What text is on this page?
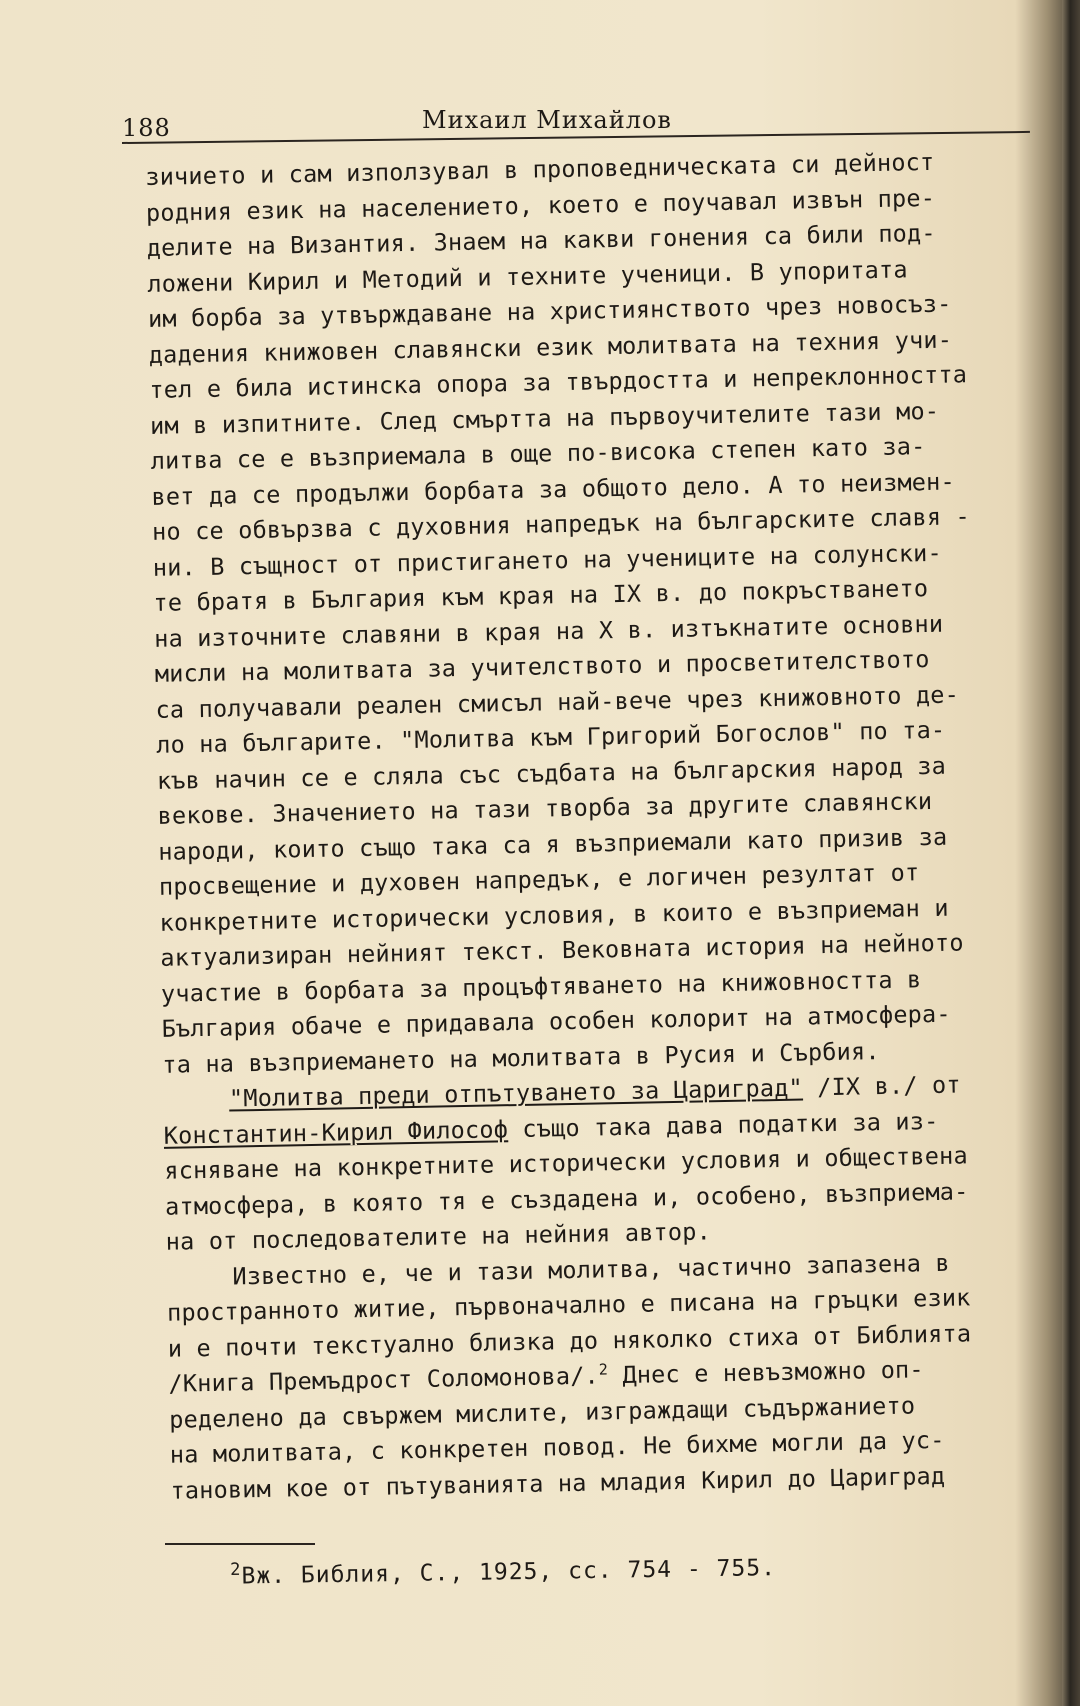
188	Михаил Михайлов
зичието и сам използувал в проповедническата си дейност
родния език на населението, което е поучавал извън пре-
делите на Византия. Знаем на какви гонения са били под-
ложени Кирил и Методий и техните ученици. В упоритата
им борба за утвърждаване на християнството чрез новосъз-
дадения книжовен славянски език молитвата на техния учи-
тел е била истинска опора за твърдостта и непреклонността
им в изпитните. След смъртта на първоучителите тази мо-
литва се е възприемала в още по-висока степен като за-
вет да се продължи борбата за общото дело. А то неизмен-
но се обвързва с духовния напредък на българските славя -
ни. В същност от пристигането на учениците на солунски-
те братя в България към края на IX в. до покръстването
на източните славяни в края на X в. изтъкнатите основни
мисли на молитвата за учителството и просветителството
са получавали реален смисъл най-вече чрез книжовното де-
ло на българите. "Молитва към Григорий Богослов" по та-
къв начин се е сляла със съдбата на българския народ за
векове. Значението на тази творба за другите славянски
народи, които също така са я възприемали като призив за
просвещение и духовен напредък, е логичен резултат от
конкретните исторически условия, в които е възприеман и
актуализиран нейният текст. Вековната история на нейното
участие в борбата за процъфтяването на книжовността в
България обаче е придавала особен колорит на атмосфера-
та на възприемането на молитвата в Русия и Сърбия.
"Молитва преди отпътуването за Цариград" /IX в./ от
Константин-Кирил Философ също така дава податки за из-
ясняване на конкретните исторически условия и обществена
атмосфера, в която тя е създадена и, особено, възприема-
на от последователите на нейния автор.
Известно е, че и тази молитва, частично запазена в
пространното житие, първоначално е писана на гръцки език
и е почти текстуално близка до няколко стиха от Библията
/Книга Премъдрост Соломонова/.$^2$ Днес е невъзможно оп-
ределено да свържем мислите, изграждащи съдържанието
на молитвата, с конкретен повод. Не бихме могли да ус-
тановим кое от пътуванията на младия Кирил до Цариград
$^2$Вж. Библия, С., 1925, сс. 754 - 755.
